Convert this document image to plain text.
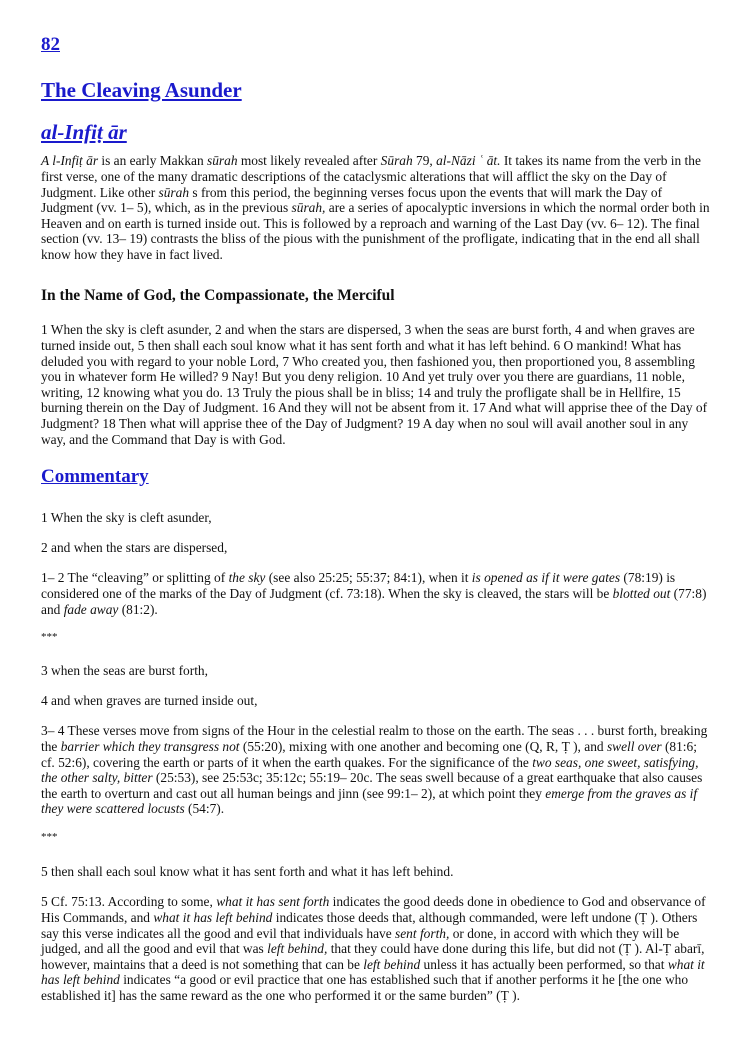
82
The Cleaving Asunder
al-Infiṭ ār

A l-Infiṭ ār is an early Makkan sūrah most likely revealed after Sūrah 79, al-Nāzi ʿ āt. It takes its name from the verb in the first verse, one of the many dramatic descriptions of the cataclysmic alterations that will afflict the sky on the Day of Judgment. Like other sūrah s from this period, the beginning verses focus upon the events that will mark the Day of Judgment (vv. 1– 5), which, as in the previous sūrah, are a series of apocalyptic inversions in which the normal order both in Heaven and on earth is turned inside out. This is followed by a reproach and warning of the Last Day (vv. 6– 12). The final section (vv. 13– 19) contrasts the bliss of the pious with the punishment of the profligate, indicating that in the end all shall know how they have in fact lived.

In the Name of God, the Compassionate, the Merciful

1 When the sky is cleft asunder, 2 and when the stars are dispersed, 3 when the seas are burst forth, 4 and when graves are turned inside out, 5 then shall each soul know what it has sent forth and what it has left behind. 6 O mankind! What has deluded you with regard to your noble Lord, 7 Who created you, then fashioned you, then proportioned you, 8 assembling you in whatever form He willed? 9 Nay! But you deny religion. 10 And yet truly over you there are guardians, 11 noble, writing, 12 knowing what you do. 13 Truly the pious shall be in bliss; 14 and truly the profligate shall be in Hellfire, 15 burning therein on the Day of Judgment. 16 And they will not be absent from it. 17 And what will apprise thee of the Day of Judgment? 18 Then what will apprise thee of the Day of Judgment? 19 A day when no soul will avail another soul in any way, and the Command that Day is with God.

Commentary

1 When the sky is cleft asunder,

2 and when the stars are dispersed,

1– 2 The “cleaving” or splitting of the sky (see also 25:25; 55:37; 84:1), when it is opened as if it were gates (78:19) is considered one of the marks of the Day of Judgment (cf. 73:18). When the sky is cleaved, the stars will be blotted out (77:8) and fade away (81:2).

***

3 when the seas are burst forth,

4 and when graves are turned inside out,

3– 4 These verses move from signs of the Hour in the celestial realm to those on the earth. The seas . . . burst forth, breaking the barrier which they transgress not (55:20), mixing with one another and becoming one (Q, R, Ṭ ), and swell over (81:6; cf. 52:6), covering the earth or parts of it when the earth quakes. For the significance of the two seas, one sweet, satisfying, the other salty, bitter (25:53), see 25:53c; 35:12c; 55:19– 20c. The seas swell because of a great earthquake that also causes the earth to overturn and cast out all human beings and jinn (see 99:1– 2), at which point they emerge from the graves as if they were scattered locusts (54:7).

***

5 then shall each soul know what it has sent forth and what it has left behind.

5 Cf. 75:13. According to some, what it has sent forth indicates the good deeds done in obedience to God and observance of His Commands, and what it has left behind indicates those deeds that, although commanded, were left undone (Ṭ ). Others say this verse indicates all the good and evil that individuals have sent forth, or done, in accord with which they will be judged, and all the good and evil that was left behind, that they could have done during this life, but did not (Ṭ ). Al-Ṭ abarī, however, maintains that a deed is not something that can be left behind unless it has actually been performed, so that what it has left behind indicates “a good or evil practice that one has established such that if another performs it he [the one who established it] has the same reward as the one who performed it or the same burden” (Ṭ ).
